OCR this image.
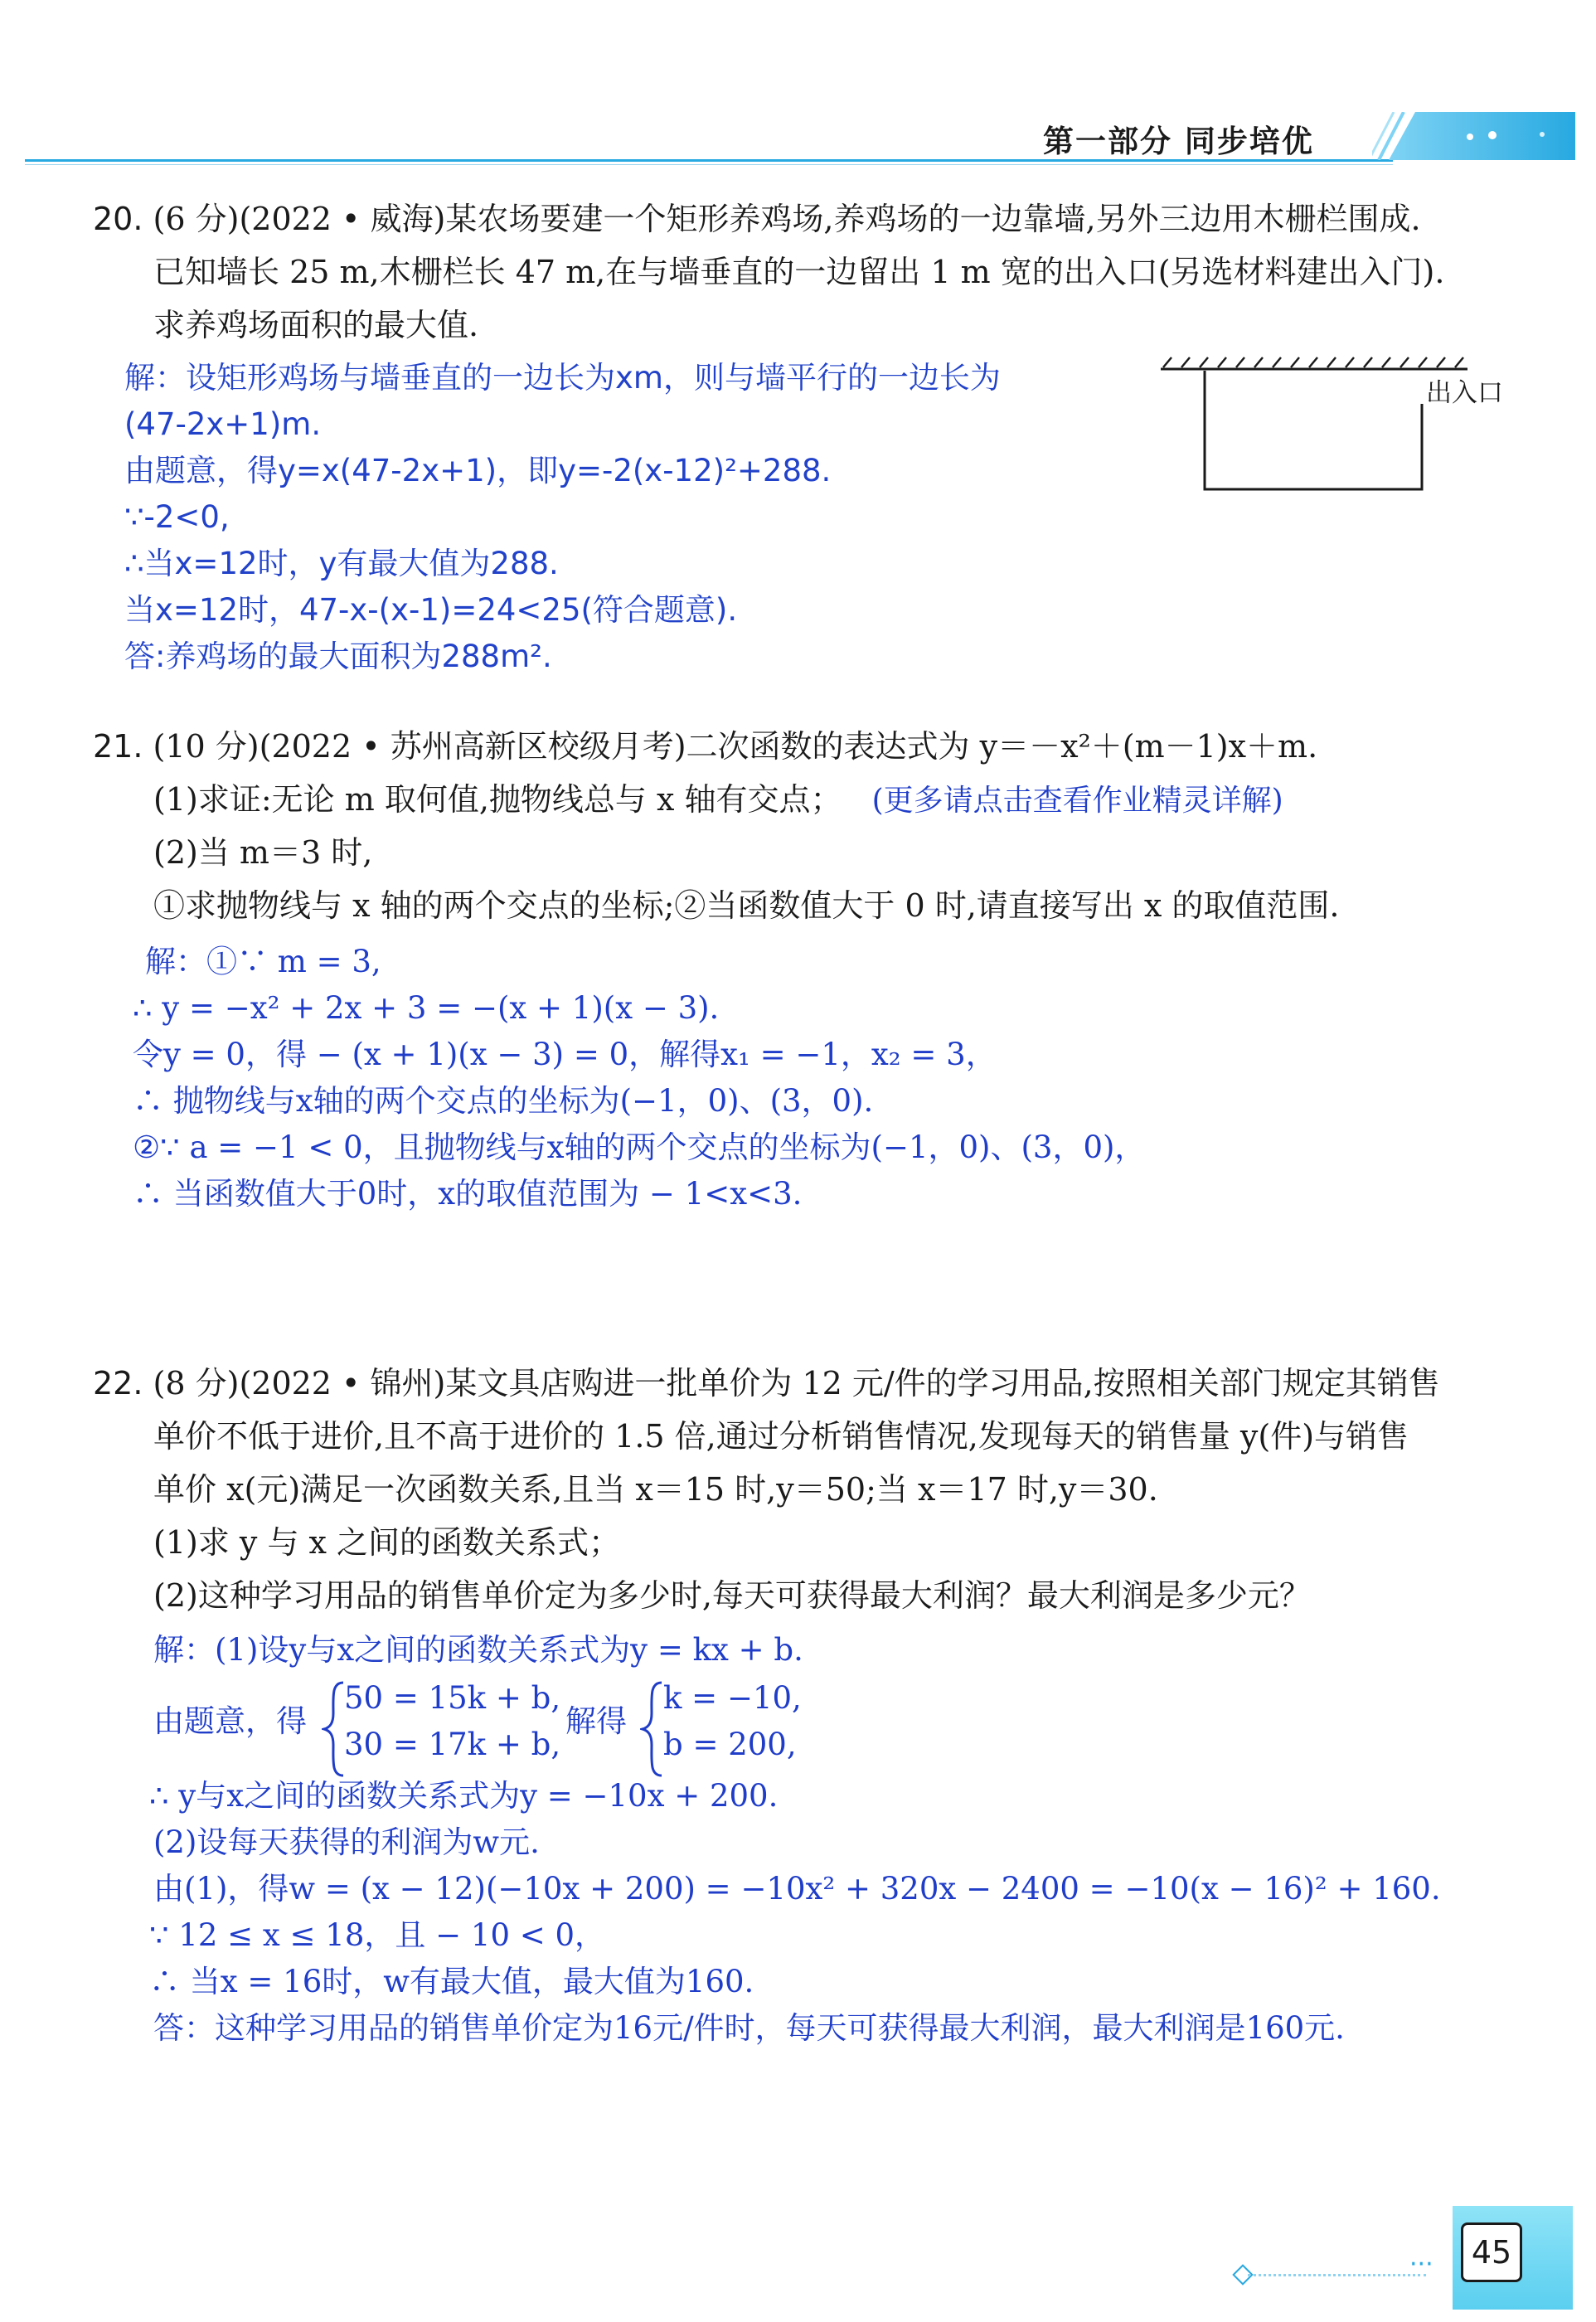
第一部分 同步培优
20. (6 分)(2022 • 威海)某农场要建一个矩形养鸡场,养鸡场的一边靠墙,另外三边用木栅栏围成.
已知墙长 25 m,木栅栏长 47 m,在与墙垂直的一边留出 1 m 宽的出入口(另选材料建出入门).
求养鸡场面积的最大值.
出入口
解：设矩形鸡场与墙垂直的一边长为xm，则与墙平行的一边长为
(47-2x+1)m.
由题意，得y=x(47-2x+1)，即y=-2(x-12)²+288.
∵-2<0,
∴当x=12时，y有最大值为288.
当x=12时，47-x-(x-1)=24<25(符合题意).
答:养鸡场的最大面积为288m².
21. (10 分)(2022 • 苏州高新区校级月考)二次函数的表达式为 y＝－x²＋(m－1)x＋m.
(1)求证:无论 m 取何值,抛物线总与 x 轴有交点； (更多请点击查看作业精灵详解)
(2)当 m＝3 时,
①求抛物线与 x 轴的两个交点的坐标;②当函数值大于 0 时,请直接写出 x 的取值范围.
解：①∵ m = 3,
∴ y = −x² + 2x + 3 = −(x + 1)(x − 3).
令y = 0，得 − (x + 1)(x − 3) = 0，解得x₁ = −1，x₂ = 3，
∴ 抛物线与x轴的两个交点的坐标为(−1，0)、(3，0).
②∵ a = −1 < 0，且抛物线与x轴的两个交点的坐标为(−1，0)、(3，0)，
∴ 当函数值大于0时，x的取值范围为 − 1<x<3.
22. (8 分)(2022 • 锦州)某文具店购进一批单价为 12 元/件的学习用品,按照相关部门规定其销售
单价不低于进价,且不高于进价的 1.5 倍,通过分析销售情况,发现每天的销售量 y(件)与销售
单价 x(元)满足一次函数关系,且当 x＝15 时,y＝50;当 x＝17 时,y＝30.
(1)求 y 与 x 之间的函数关系式；
(2)这种学习用品的销售单价定为多少时,每天可获得最大利润？最大利润是多少元？
解：(1)设y与x之间的函数关系式为y = kx + b.
由题意，得
50 = 15k + b,
30 = 17k + b,
解得
k = −10,
b = 200,
∴ y与x之间的函数关系式为y = −10x + 200.
(2)设每天获得的利润为w元.
由(1)，得w = (x − 12)(−10x + 200) = −10x² + 320x − 2400 = −10(x − 16)² + 160.
∵ 12 ≤ x ≤ 18，且 − 10 < 0，
∴ 当x = 16时，w有最大值，最大值为160.
答：这种学习用品的销售单价定为16元/件时，每天可获得最大利润，最大利润是160元.
···	45
